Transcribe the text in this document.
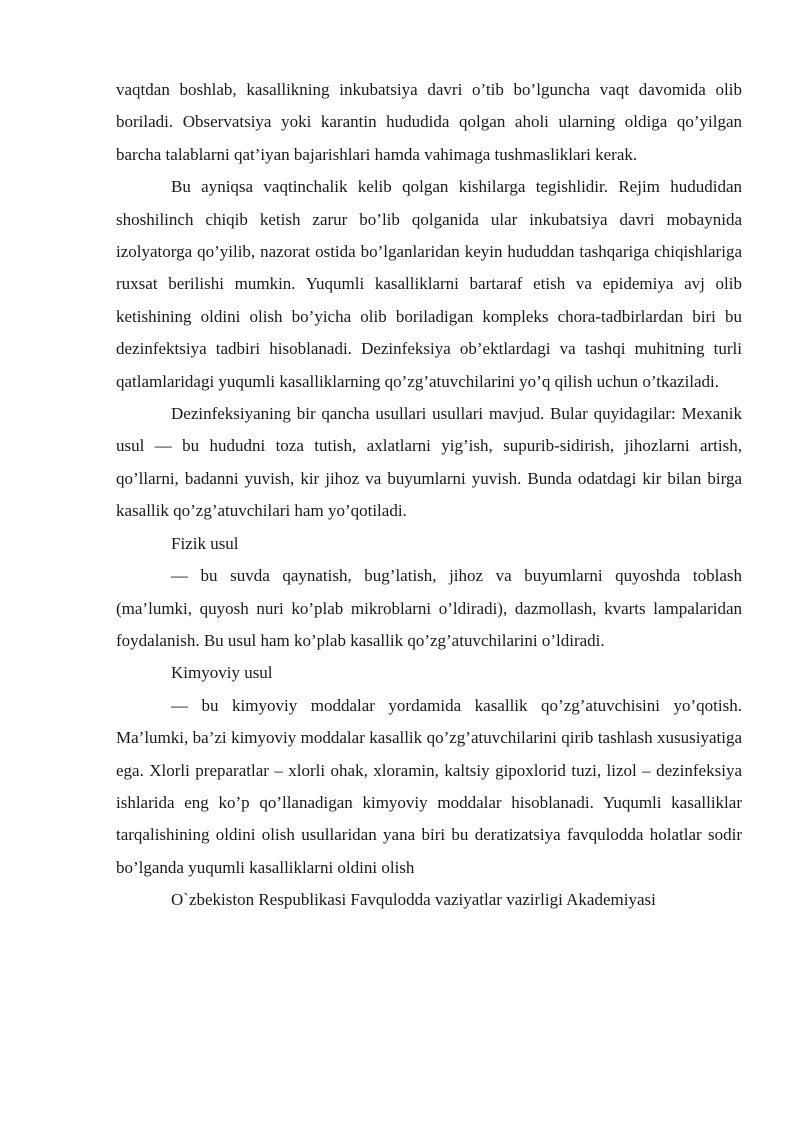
vaqtdan boshlab, kasallikning inkubatsiya davri o’tib bo’lguncha vaqt davomida olib boriladi. Observatsiya yoki karantin hududida qolgan aholi ularning oldiga qo’yilgan barcha talablarni qat’iyan bajarishlari hamda vahimaga tushmasliklari kerak.

Bu ayniqsa vaqtinchalik kelib qolgan kishilarga tegishlidir. Rejim hududidan shoshilinch chiqib ketish zarur bo’lib qolganida ular inkubatsiya davri mobaynida izolyatorga qo’yilib, nazorat ostida bo’lganlaridan keyin hududdan tashqariga chiqishlariga ruxsat berilishi mumkin. Yuqumli kasalliklarni bartaraf etish va epidemiya avj olib ketishining oldini olish bo’yicha olib boriladigan kompleks chora-tadbirlardan biri bu dezinfektsiya tadbiri hisoblanadi. Dezinfeksiya ob’ektlardagi va tashqi muhitning turli qatlamlaridagi yuqumli kasalliklarning qo’zg’atuvchilarini yo’q qilish uchun o’tkaziladi.

Dezinfeksiyaning bir qancha usullari usullari mavjud. Bular quyidagilar: Mexanik usul — bu hududni toza tutish, axlatlarni yig’ish, supurib-sidirish, jihozlarni artish, qo’llarni, badanni yuvish, kir jihoz va buyumlarni yuvish. Bunda odatdagi kir bilan birga kasallik qo’zg’atuvchilari ham yo’qotiladi.

Fizik usul

— bu suvda qaynatish, bug’latish, jihoz va buyumlarni quyoshda toblash (ma’lumki, quyosh nuri ko’plab mikroblarni o’ldiradi), dazmollash, kvarts lampalaridan foydalanish. Bu usul ham ko’plab kasallik qo’zg’atuvchilarini o’ldiradi.

Kimyoviy usul

— bu kimyoviy moddalar yordamida kasallik qo’zg’atuvchisini yo’qotish. Ma’lumki, ba’zi kimyoviy moddalar kasallik qo’zg’atuvchilarini qirib tashlash xususiyatiga ega. Xlorli preparatlar – xlorli ohak, xloramin, kaltsiy gipoxlorid tuzi, lizol – dezinfeksiya ishlarida eng ko’p qo’llanadigan kimyoviy moddalar hisoblanadi. Yuqumli kasalliklar tarqalishining oldini olish usullaridan yana biri bu deratizatsiya favqulodda holatlar sodir bo’lganda yuqumli kasalliklarni oldini olish

O`zbekiston Respublikasi Favqulodda vaziyatlar vazirligi Akademiyasi
